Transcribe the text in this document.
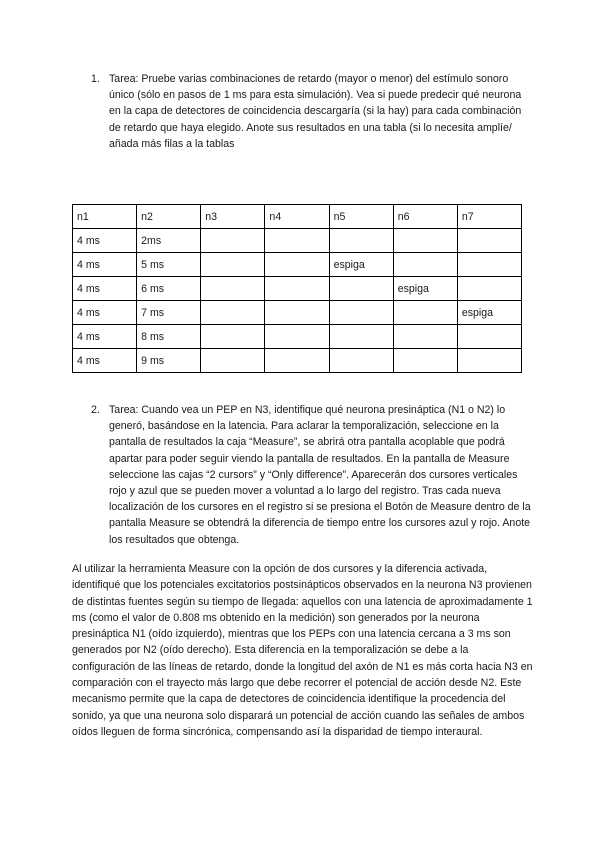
1. Tarea: Pruebe varias combinaciones de retardo (mayor o menor) del estímulo sonoro único (sólo en pasos de 1 ms para esta simulación). Vea si puede predecir qué neurona en la capa de detectores de coincidencia descargaría (si la hay) para cada combinación de retardo que haya elegido. Anote sus resultados en una tabla (si lo necesita amplíe/ añada más filas a la tablas
n1	n2	n3	n4	n5	n6	n7
4 ms	2ms					
4 ms	5 ms			espiga		
4 ms	6 ms				espiga	
4 ms	7 ms					espiga
4 ms	8 ms					
4 ms	9 ms					
2. Tarea: Cuando vea un PEP en N3, identifique qué neurona presináptica (N1 o N2) lo generó, basándose en la latencia. Para aclarar la temporalización, seleccione en la pantalla de resultados la caja “Measure”, se abrirá otra pantalla acoplable que podrá apartar para poder seguir viendo la pantalla de resultados. En la pantalla de Measure seleccione las cajas “2 cursors” y “Only difference”. Aparecerán dos cursores verticales rojo y azul que se pueden mover a voluntad a lo largo del registro. Tras cada nueva localización de los cursores en el registro si se presiona el Botón de Measure dentro de la pantalla Measure se obtendrá la diferencia de tiempo entre los cursores azul y rojo. Anote los resultados que obtenga.
Al utilizar la herramienta Measure con la opción de dos cursores y la diferencia activada, identifiqué que los potenciales excitatorios postsinápticos observados en la neurona N3 provienen de distintas fuentes según su tiempo de llegada: aquellos con una latencia de aproximadamente 1 ms (como el valor de 0.808 ms obtenido en la medición) son generados por la neurona presináptica N1 (oído izquierdo), mientras que los PEPs con una latencia cercana a 3 ms son generados por N2 (oído derecho). Esta diferencia en la temporalización se debe a la configuración de las líneas de retardo, donde la longitud del axón de N1 es más corta hacia N3 en comparación con el trayecto más largo que debe recorrer el potencial de acción desde N2. Este mecanismo permite que la capa de detectores de coincidencia identifique la procedencia del sonido, ya que una neurona solo disparará un potencial de acción cuando las señales de ambos oídos lleguen de forma sincrónica, compensando así la disparidad de tiempo interaural.
